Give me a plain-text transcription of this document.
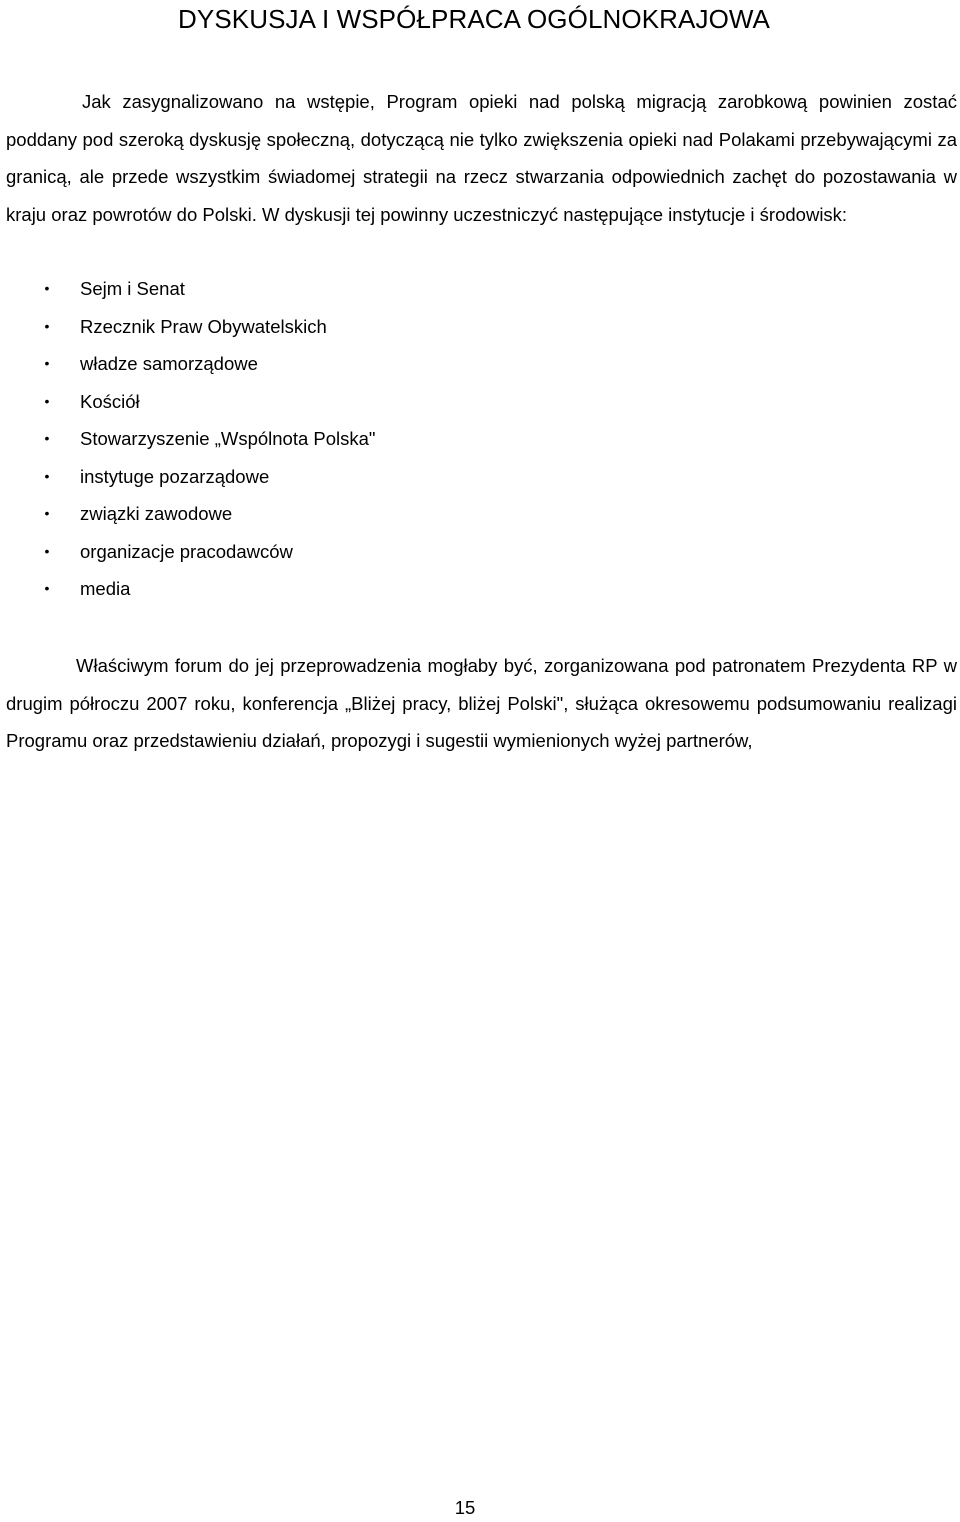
DYSKUSJA I WSPÓŁPRACA OGÓLNOKRAJOWA

Jak zasygnalizowano na wstępie, Program opieki nad polską migracją zarobkową powinien zostać poddany pod szeroką dyskusję społeczną, dotyczącą nie tylko zwiększenia opieki nad Polakami przebywającymi za granicą, ale przede wszystkim świadomej strategii na rzecz stwarzania odpowiednich zachęt do pozostawania w kraju oraz powrotów do Polski. W dyskusji tej powinny uczestniczyć następujące instytucje i środowisk:

• Sejm i Senat
• Rzecznik Praw Obywatelskich
• władze samorządowe
• Kościół
• Stowarzyszenie „Wspólnota Polska"
• instytuge pozarządowe
• związki zawodowe
• organizacje pracodawców
• media

Właściwym forum do jej przeprowadzenia mogłaby być, zorganizowana pod patronatem Prezydenta RP w drugim półroczu 2007 roku, konferencja „Bliżej pracy, bliżej Polski", służąca okresowemu podsumowaniu realizagi Programu oraz przedstawieniu działań, propozygi i sugestii wymienionych wyżej partnerów,

15
